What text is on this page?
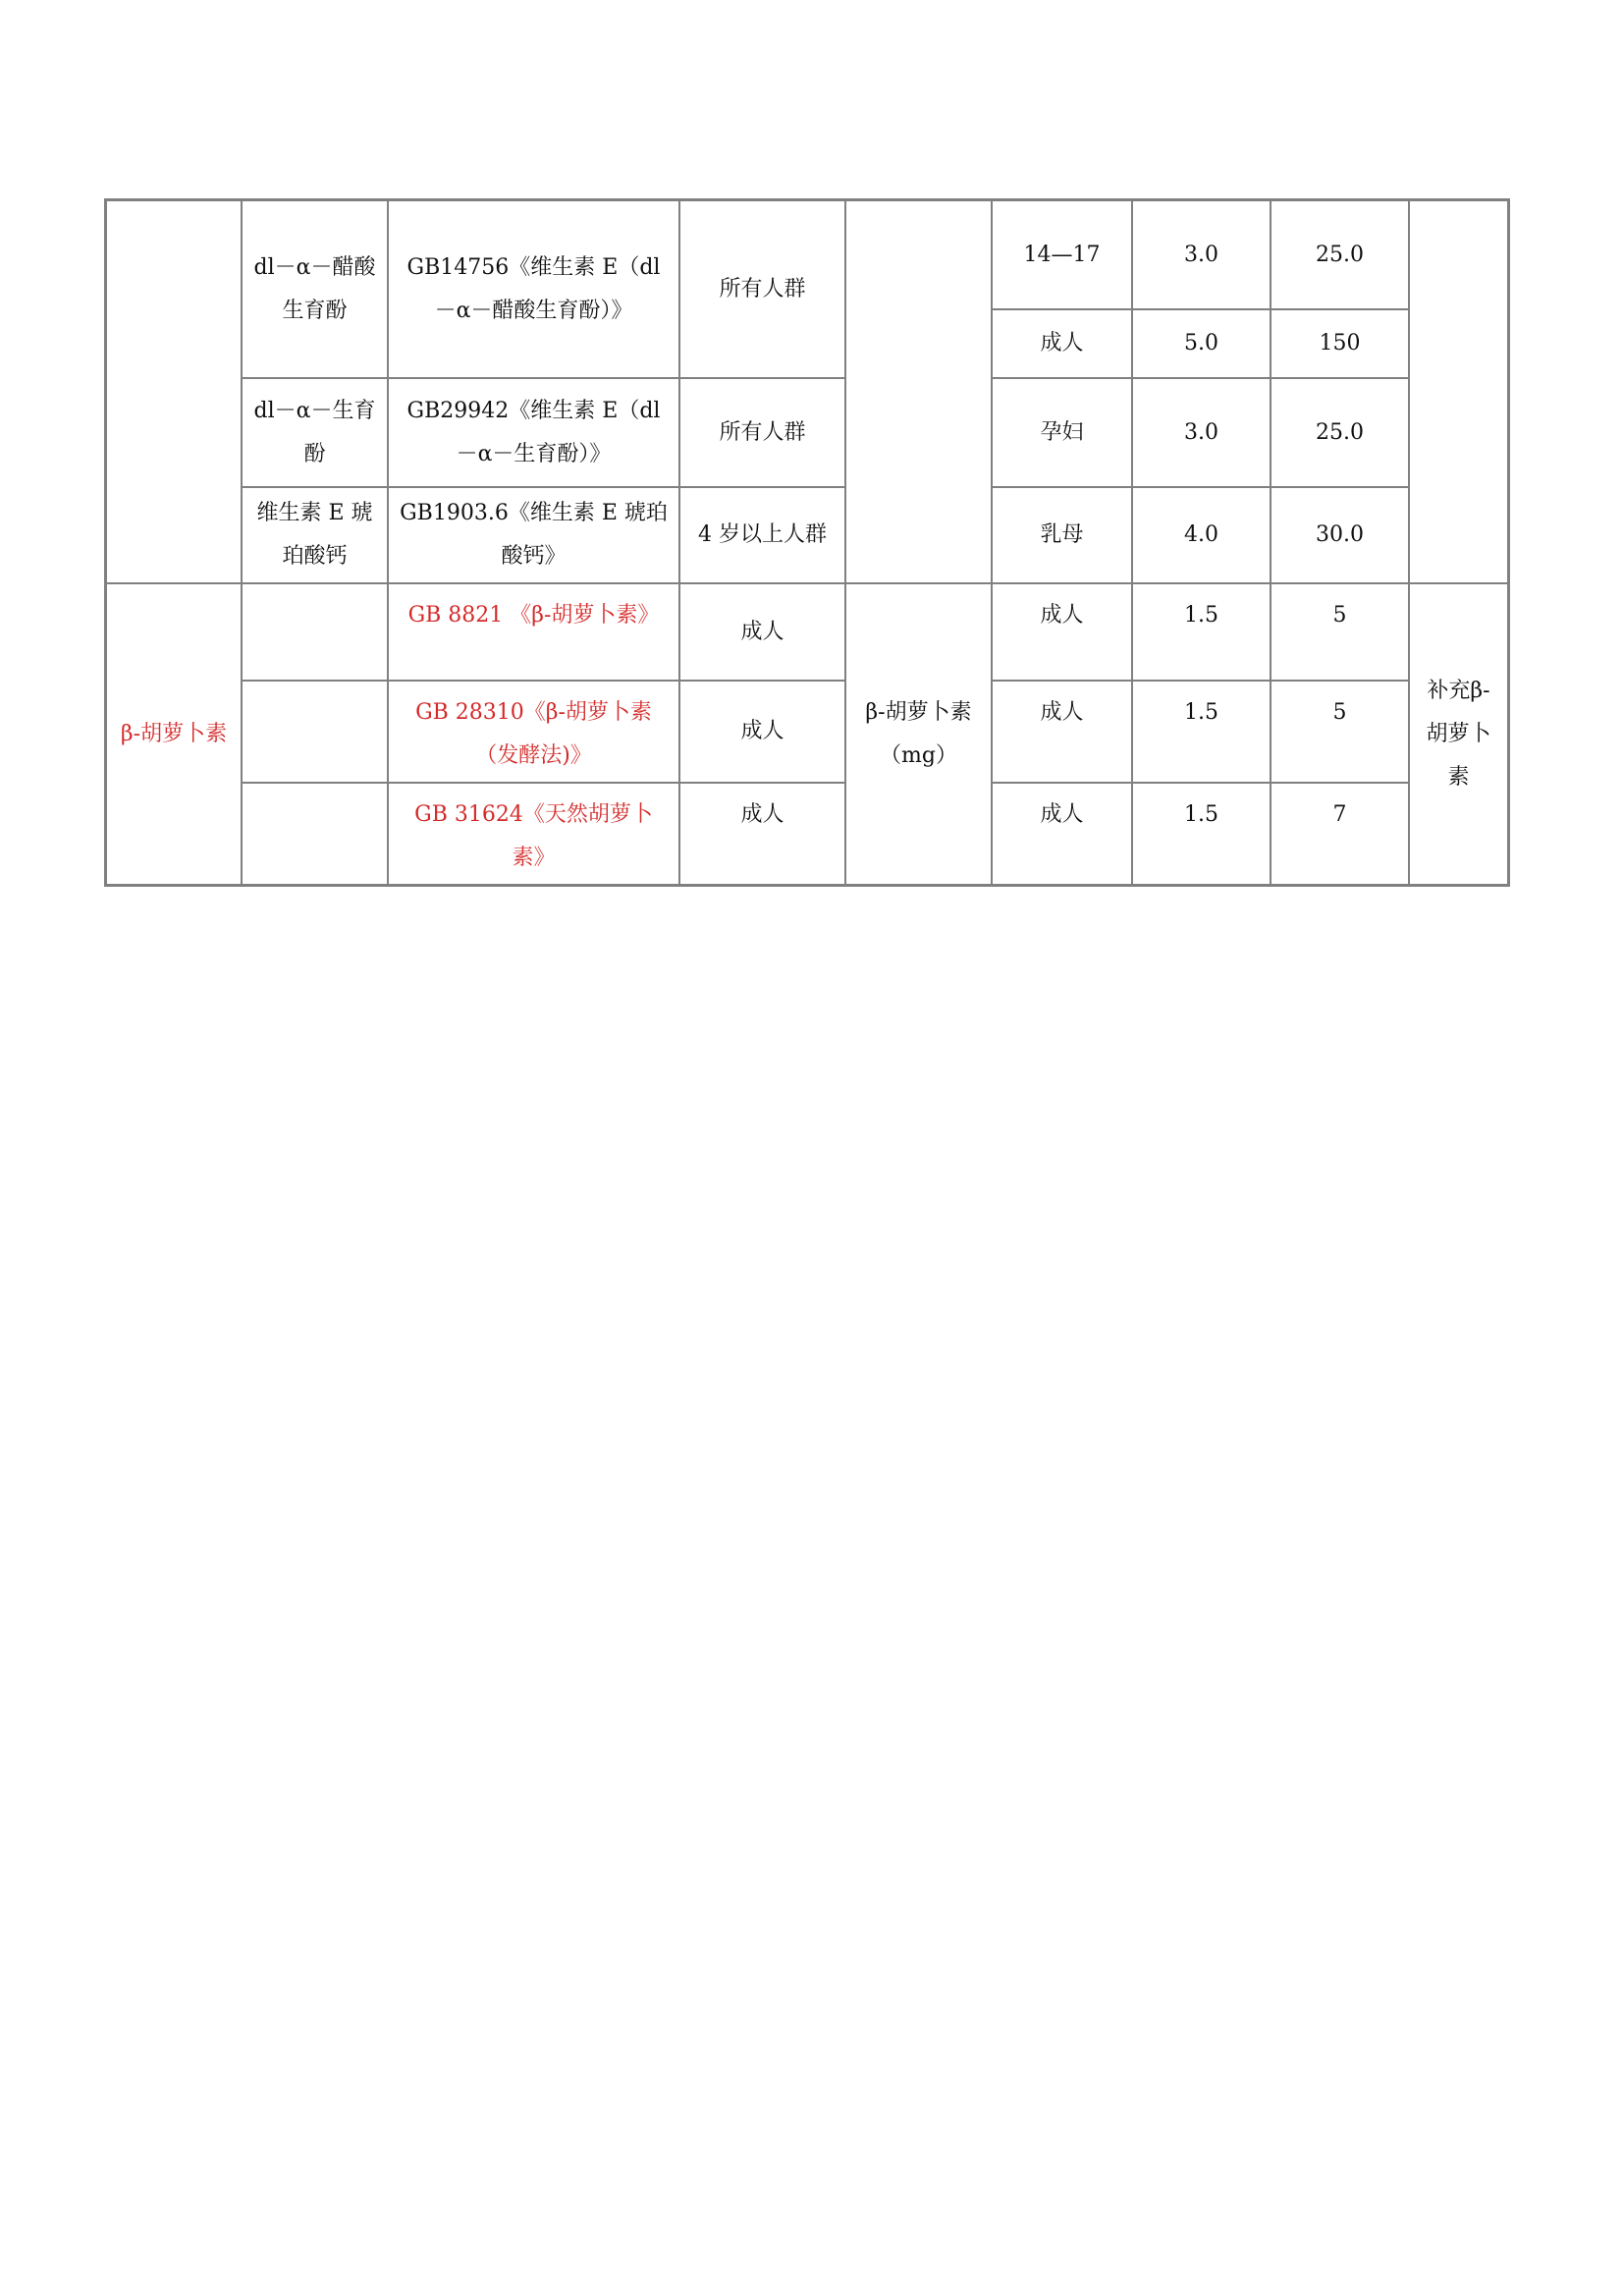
	dl－α－醋酸生育酚	GB14756《维生素 E（dl－α－醋酸生育酚）》	所有人群		14—17	3.0	25.0	
					成人	5.0	150	
	dl－α－生育酚	GB29942《维生素 E（dl－α－生育酚）》	所有人群		孕妇	3.0	25.0	
	维生素 E 琥珀酸钙	GB1903.6《维生素 E 琥珀酸钙》	4 岁以上人群		乳母	4.0	30.0	

β-胡萝卜素		GB 8821 《β-胡萝卜素》	成人	β-胡萝卜素（mg）	成人	1.5	5	补充β-胡萝卜素
		GB 28310《β-胡萝卜素（发酵法)》	成人		成人	1.5	5	
		GB 31624《天然胡萝卜素》	成人		成人	1.5	7	
